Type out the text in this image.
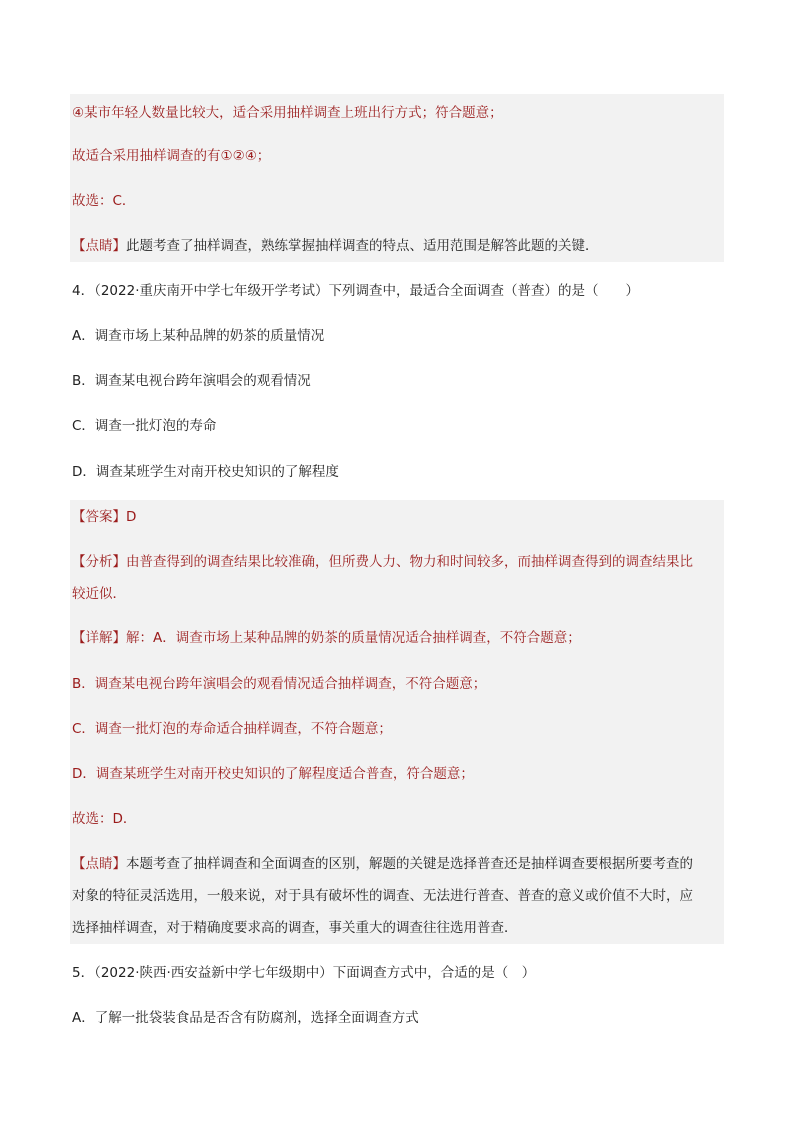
④某市年轻人数量比较大，适合采用抽样调查上班出行方式；符合题意；
故适合采用抽样调查的有①②④；
故选：C．
【点睛】此题考查了抽样调查，熟练掌握抽样调查的特点、适用范围是解答此题的关键．
4．（2022·重庆南开中学七年级开学考试）下列调查中，最适合全面调查（普查）的是（　　）
A．调查市场上某种品牌的奶茶的质量情况
B．调查某电视台跨年演唱会的观看情况
C．调查一批灯泡的寿命
D．调查某班学生对南开校史知识的了解程度
【答案】D
【分析】由普查得到的调查结果比较准确，但所费人力、物力和时间较多，而抽样调查得到的调查结果比
较近似．
【详解】解：A．调查市场上某种品牌的奶茶的质量情况适合抽样调查，不符合题意；
B．调查某电视台跨年演唱会的观看情况适合抽样调查，不符合题意；
C．调查一批灯泡的寿命适合抽样调查，不符合题意；
D．调查某班学生对南开校史知识的了解程度适合普查，符合题意；
故选：D．
【点睛】本题考查了抽样调查和全面调查的区别，解题的关键是选择普查还是抽样调查要根据所要考查的
对象的特征灵活选用，一般来说，对于具有破坏性的调查、无法进行普查、普查的意义或价值不大时，应
选择抽样调查，对于精确度要求高的调查，事关重大的调查往往选用普查．
5．（2022·陕西·西安益新中学七年级期中）下面调查方式中，合适的是（　）
A．了解一批袋装食品是否含有防腐剂，选择全面调查方式
